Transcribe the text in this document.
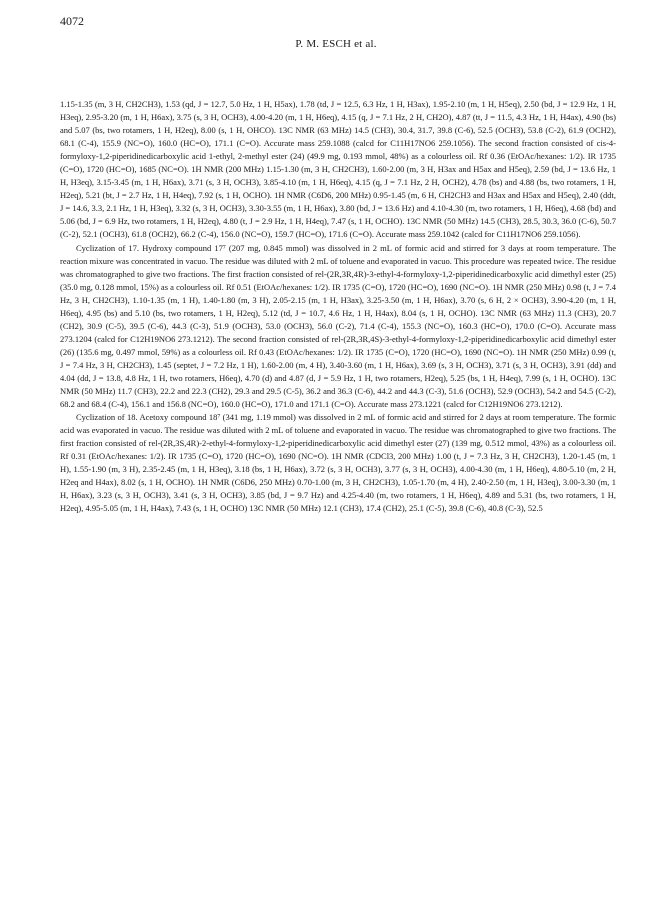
4072
P. M. ESCH et al.

1.15-1.35 (m, 3 H, CH2CH3), 1.53 (qd, J = 12.7, 5.0 Hz, 1 H, H5ax), 1.78 (td, J = 12.5, 6.3 Hz, 1 H, H3ax), 1.95-2.10 (m, 1 H, H5eq), 2.50 (bd, J = 12.9 Hz, 1 H, H3eq), 2.95-3.20 (m, 1 H, H6ax), 3.75 (s, 3 H, OCH3), 4.00-4.20 (m, 1 H, H6eq), 4.15 (q, J = 7.1 Hz, 2 H, CH2O), 4.87 (tt, J = 11.5, 4.3 Hz, 1 H, H4ax), 4.90 (bs) and 5.07 (bs, two rotamers, 1 H, H2eq), 8.00 (s, 1 H, OHCO). 13C NMR (63 MHz) 14.5 (CH3), 30.4, 31.7, 39.8 (C-6), 52.5 (OCH3), 53.8 (C-2), 61.9 (OCH2), 68.1 (C-4), 155.9 (NC=O), 160.0 (HC=O), 171.1 (C=O). Accurate mass 259.1088 (calcd for C11H17NO6 259.1056). The second fraction consisted of cis-4-formyloxy-1,2-piperidinedicarboxylic acid 1-ethyl, 2-methyl ester (24) (49.9 mg, 0.193 mmol, 48%) as a colourless oil. Rf 0.36 (EtOAc/hexanes: 1/2). IR 1735 (C=O), 1720 (HC=O), 1685 (NC=O). 1H NMR (200 MHz) 1.15-1.30 (m, 3 H, CH2CH3), 1.60-2.00 (m, 3 H, H3ax and H5ax and H5eq), 2.59 (bd, J = 13.6 Hz, 1 H, H3eq), 3.15-3.45 (m, 1 H, H6ax), 3.71 (s, 3 H, OCH3), 3.85-4.10 (m, 1 H, H6eq), 4.15 (q, J = 7.1 Hz, 2 H, OCH2), 4.78 (bs) and 4.88 (bs, two rotamers, 1 H, H2eq), 5.21 (bt, J = 2.7 Hz, 1 H, H4eq), 7.92 (s, 1 H, OCHO). 1H NMR (C6D6, 200 MHz) 0.95-1.45 (m, 6 H, CH2CH3 and H3ax and H5ax and H5eq), 2.40 (ddt, J = 14.6, 3.3, 2.1 Hz, 1 H, H3eq), 3.32 (s, 3 H, OCH3), 3.30-3.55 (m, 1 H, H6ax), 3.80 (bd, J = 13.6 Hz) and 4.10-4.30 (m, two rotamers, 1 H, H6eq), 4.68 (bd) and 5.06 (bd, J = 6.9 Hz, two rotamers, 1 H, H2eq), 4.80 (t, J = 2.9 Hz, 1 H, H4eq), 7.47 (s, 1 H, OCHO). 13C NMR (50 MHz) 14.5 (CH3), 28.5, 30.3, 36.0 (C-6), 50.7 (C-2), 52.1 (OCH3), 61.8 (OCH2), 66.2 (C-4), 156.0 (NC=O), 159.7 (HC=O), 171.6 (C=O). Accurate mass 259.1042 (calcd for C11H17NO6 259.1056).

Cyclization of 17. Hydroxy compound 17⁷ (207 mg, 0.845 mmol) was dissolved in 2 mL of formic acid and stirred for 3 days at room temperature. The reaction mixure was concentrated in vacuo. The residue was diluted with 2 mL of toluene and evaporated in vacuo. This procedure was repeated twice. The residue was chromatographed to give two fractions. The first fraction consisted of rel-(2R,3R,4R)-3-ethyl-4-formyloxy-1,2-piperidinedicarboxylic acid dimethyl ester (25) (35.0 mg, 0.128 mmol, 15%) as a colourless oil. Rf 0.51 (EtOAc/hexanes: 1/2). IR 1735 (C=O), 1720 (HC=O), 1690 (NC=O). 1H NMR (250 MHz) 0.98 (t, J = 7.4 Hz, 3 H, CH2CH3), 1.10-1.35 (m, 1 H), 1.40-1.80 (m, 3 H), 2.05-2.15 (m, 1 H, H3ax), 3.25-3.50 (m, 1 H, H6ax), 3.70 (s, 6 H, 2 × OCH3), 3.90-4.20 (m, 1 H, H6eq), 4.95 (bs) and 5.10 (bs, two rotamers, 1 H, H2eq), 5.12 (td, J = 10.7, 4.6 Hz, 1 H, H4ax), 8.04 (s, 1 H, OCHO). 13C NMR (63 MHz) 11.3 (CH3), 20.7 (CH2), 30.9 (C-5), 39.5 (C-6), 44.3 (C-3), 51.9 (OCH3), 53.0 (OCH3), 56.0 (C-2), 71.4 (C-4), 155.3 (NC=O), 160.3 (HC=O), 170.0 (C=O). Accurate mass 273.1204 (calcd for C12H19NO6 273.1212). The second fraction consisted of rel-(2R,3R,4S)-3-ethyl-4-formyloxy-1,2-piperidinedicarboxylic acid dimethyl ester (26) (135.6 mg, 0.497 mmol, 59%) as a colourless oil. Rf 0.43 (EtOAc/hexanes: 1/2). IR 1735 (C=O), 1720 (HC=O), 1690 (NC=O). 1H NMR (250 MHz) 0.99 (t, J = 7.4 Hz, 3 H, CH2CH3), 1.45 (septet, J = 7.2 Hz, 1 H), 1.60-2.00 (m, 4 H), 3.40-3.60 (m, 1 H, H6ax), 3.69 (s, 3 H, OCH3), 3.71 (s, 3 H, OCH3), 3.91 (dd) and 4.04 (dd, J = 13.8, 4.8 Hz, 1 H, two rotamers, H6eq), 4.70 (d) and 4.87 (d, J = 5.9 Hz, 1 H, two rotamers, H2eq), 5.25 (bs, 1 H, H4eq), 7.99 (s, 1 H, OCHO). 13C NMR (50 MHz) 11.7 (CH3), 22.2 and 22.3 (CH2), 29.3 and 29.5 (C-5), 36.2 and 36.3 (C-6), 44.2 and 44.3 (C-3), 51.6 (OCH3), 52.9 (OCH3), 54.2 and 54.5 (C-2), 68.2 and 68.4 (C-4), 156.1 and 156.8 (NC=O), 160.0 (HC=O), 171.0 and 171.1 (C=O). Accurate mass 273.1221 (calcd for C12H19NO6 273.1212).

Cyclization of 18. Acetoxy compound 18⁷ (341 mg, 1.19 mmol) was dissolved in 2 mL of formic acid and stirred for 2 days at room temperature. The formic acid was evaporated in vacuo. The residue was diluted with 2 mL of toluene and evaporated in vacuo. The residue was chromatographed to give two fractions. The first fraction consisted of rel-(2R,3S,4R)-2-ethyl-4-formyloxy-1,2-piperidinedicarboxylic acid dimethyl ester (27) (139 mg, 0.512 mmol, 43%) as a colourless oil. Rf 0.31 (EtOAc/hexanes: 1/2). IR 1735 (C=O), 1720 (HC=O), 1690 (NC=O). 1H NMR (CDCl3, 200 MHz) 1.00 (t, J = 7.3 Hz, 3 H, CH2CH3), 1.20-1.45 (m, 1 H), 1.55-1.90 (m, 3 H), 2.35-2.45 (m, 1 H, H3eq), 3.18 (bs, 1 H, H6ax), 3.72 (s, 3 H, OCH3), 3.77 (s, 3 H, OCH3), 4.00-4.30 (m, 1 H, H6eq), 4.80-5.10 (m, 2 H, H2eq and H4ax), 8.02 (s, 1 H, OCHO). 1H NMR (C6D6, 250 MHz) 0.70-1.00 (m, 3 H, CH2CH3), 1.05-1.70 (m, 4 H), 2.40-2.50 (m, 1 H, H3eq), 3.00-3.30 (m, 1 H, H6ax), 3.23 (s, 3 H, OCH3), 3.41 (s, 3 H, OCH3), 3.85 (bd, J = 9.7 Hz) and 4.25-4.40 (m, two rotamers, 1 H, H6eq), 4.89 and 5.31 (bs, two rotamers, 1 H, H2eq), 4.95-5.05 (m, 1 H, H4ax), 7.43 (s, 1 H, OCHO) 13C NMR (50 MHz) 12.1 (CH3), 17.4 (CH2), 25.1 (C-5), 39.8 (C-6), 40.8 (C-3), 52.5
